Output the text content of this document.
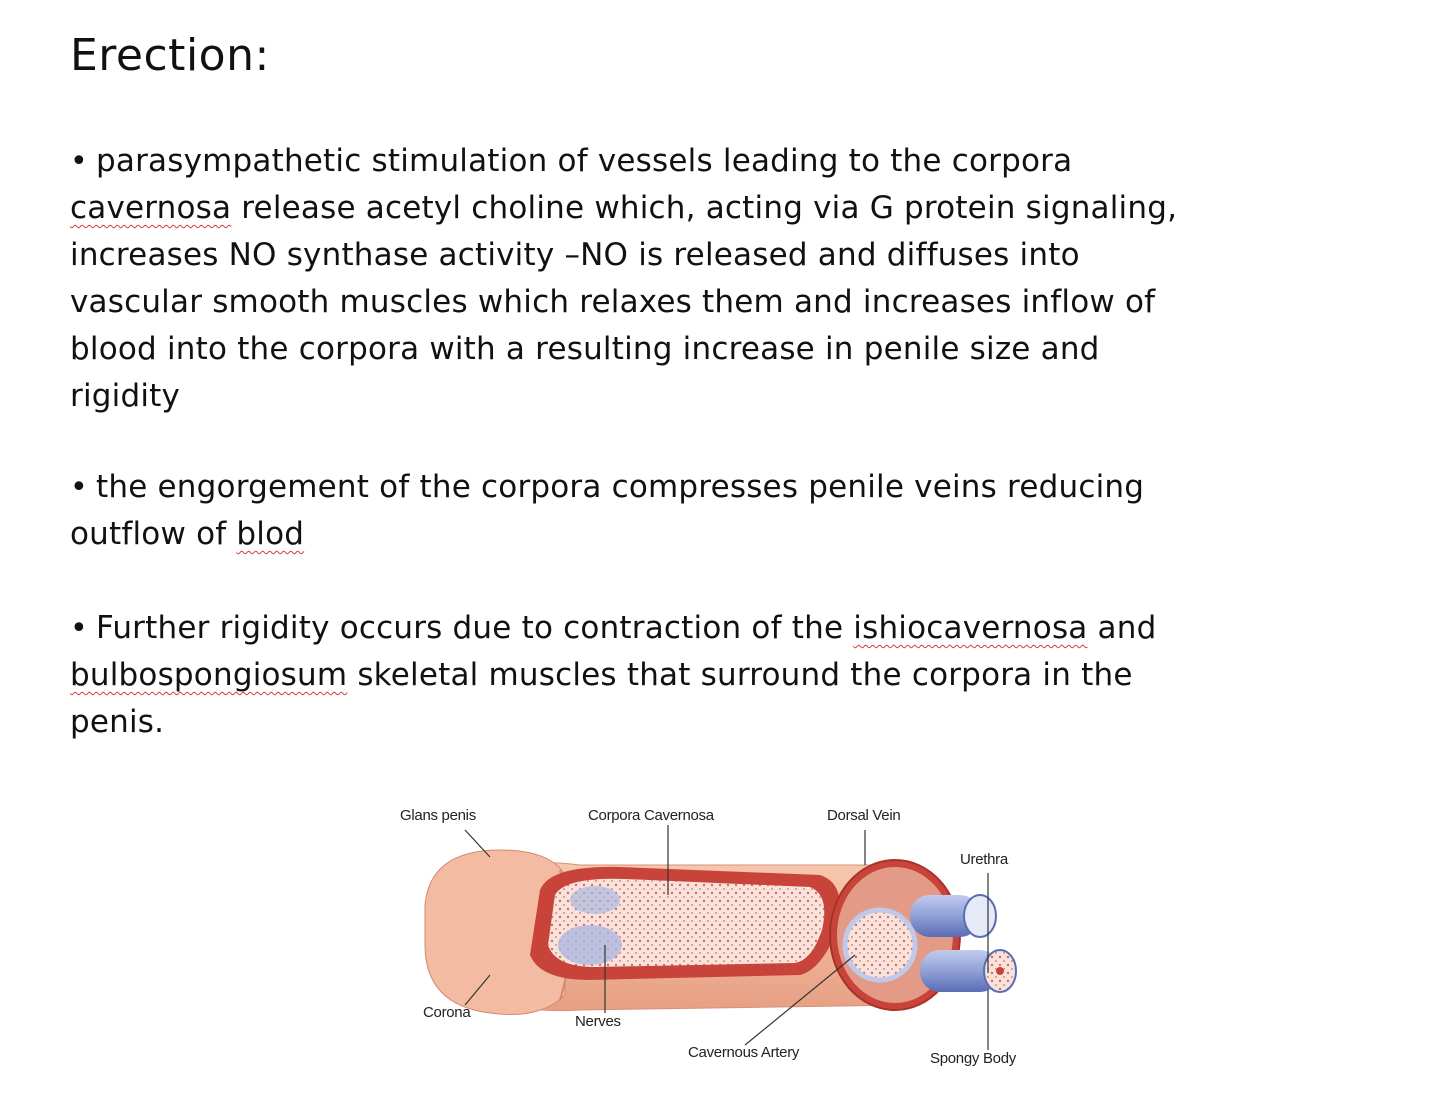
Erection:
• parasympathetic stimulation of vessels leading to the corpora
cavernosa release acetyl choline which, acting via G protein signaling,
increases NO synthase activity –NO is released and diffuses into
vascular smooth muscles which relaxes them and increases inflow of
blood into the corpora with a resulting increase in penile size and
rigidity
• the engorgement of the corpora compresses penile veins reducing
outflow of blod
• Further rigidity occurs due to contraction of the ishiocavernosa and
bulbospongiosum skeletal muscles that surround the corpora in the
penis.
Glans penis	Corpora Cavernosa	Dorsal Vein
Urethra
Corona
Nerves
Cavernous Artery	Spongy Body
